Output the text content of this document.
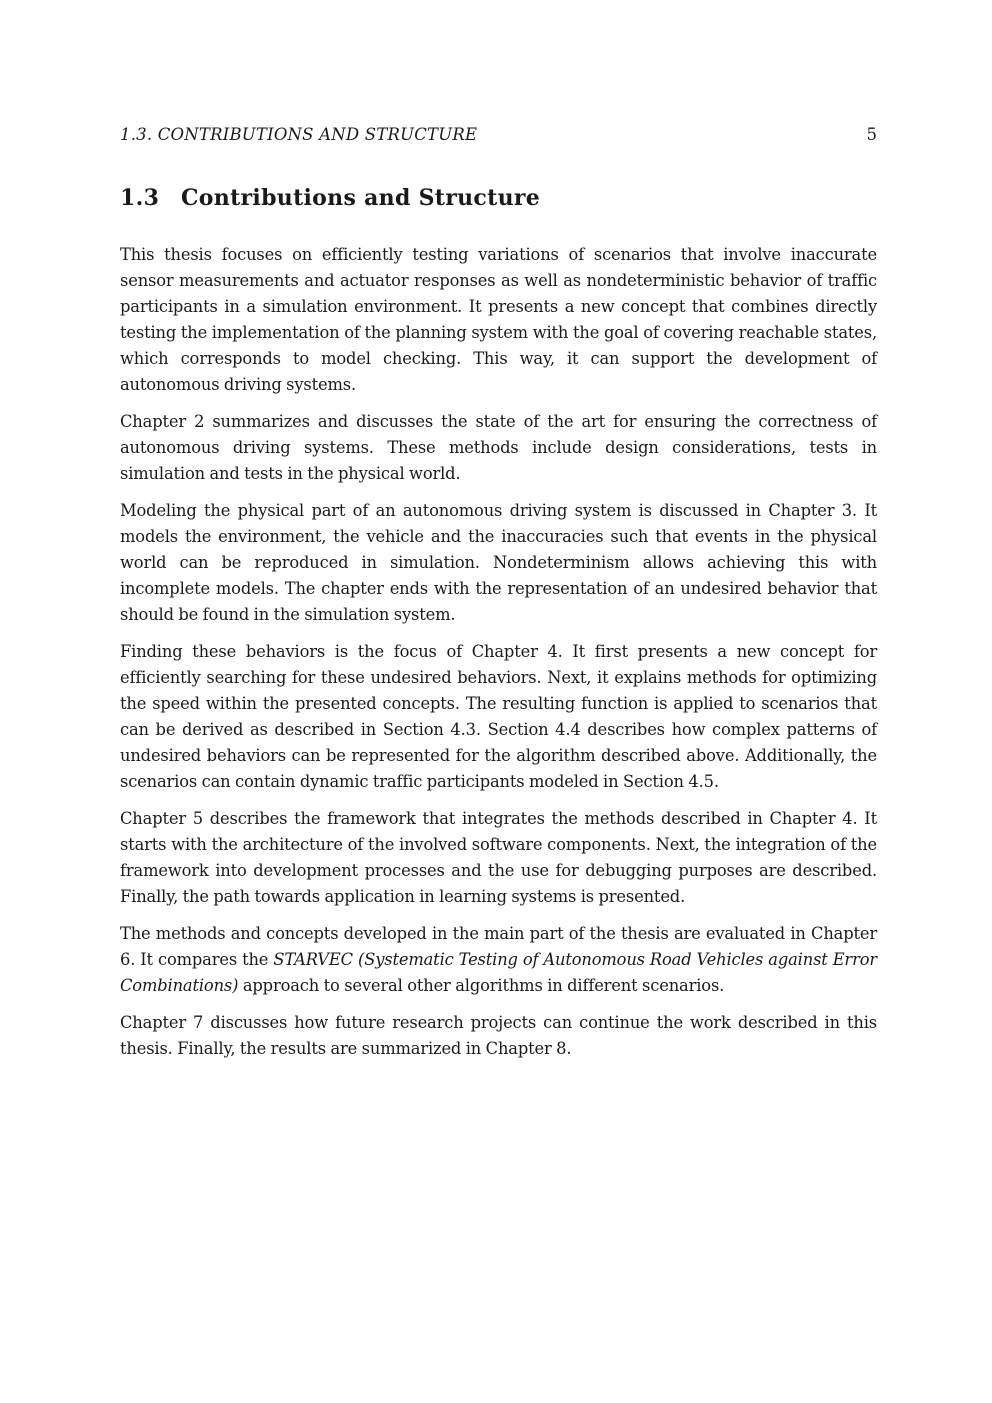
1.3. CONTRIBUTIONS AND STRUCTURE	5
1.3 Contributions and Structure

This thesis focuses on efficiently testing variations of scenarios that involve inaccurate sensor measurements and actuator responses as well as nondeterministic behavior of traffic participants in a simulation environment. It presents a new concept that combines directly testing the implementation of the planning system with the goal of covering reachable states, which corresponds to model checking. This way, it can support the development of autonomous driving systems.

Chapter 2 summarizes and discusses the state of the art for ensuring the correctness of autonomous driving systems. These methods include design considerations, tests in simulation and tests in the physical world.

Modeling the physical part of an autonomous driving system is discussed in Chapter 3. It models the environment, the vehicle and the inaccuracies such that events in the physical world can be reproduced in simulation. Nondeterminism allows achieving this with incomplete models. The chapter ends with the representation of an undesired behavior that should be found in the simulation system.

Finding these behaviors is the focus of Chapter 4. It first presents a new concept for efficiently searching for these undesired behaviors. Next, it explains methods for optimizing the speed within the presented concepts. The resulting function is applied to scenarios that can be derived as described in Section 4.3. Section 4.4 describes how complex patterns of undesired behaviors can be represented for the algorithm described above. Additionally, the scenarios can contain dynamic traffic participants modeled in Section 4.5.

Chapter 5 describes the framework that integrates the methods described in Chapter 4. It starts with the architecture of the involved software components. Next, the integration of the framework into development processes and the use for debugging purposes are described. Finally, the path towards application in learning systems is presented.

The methods and concepts developed in the main part of the thesis are evaluated in Chapter 6. It compares the STARVEC (Systematic Testing of Autonomous Road Vehicles against Error Combinations) approach to several other algorithms in different scenarios.

Chapter 7 discusses how future research projects can continue the work described in this thesis. Finally, the results are summarized in Chapter 8.
